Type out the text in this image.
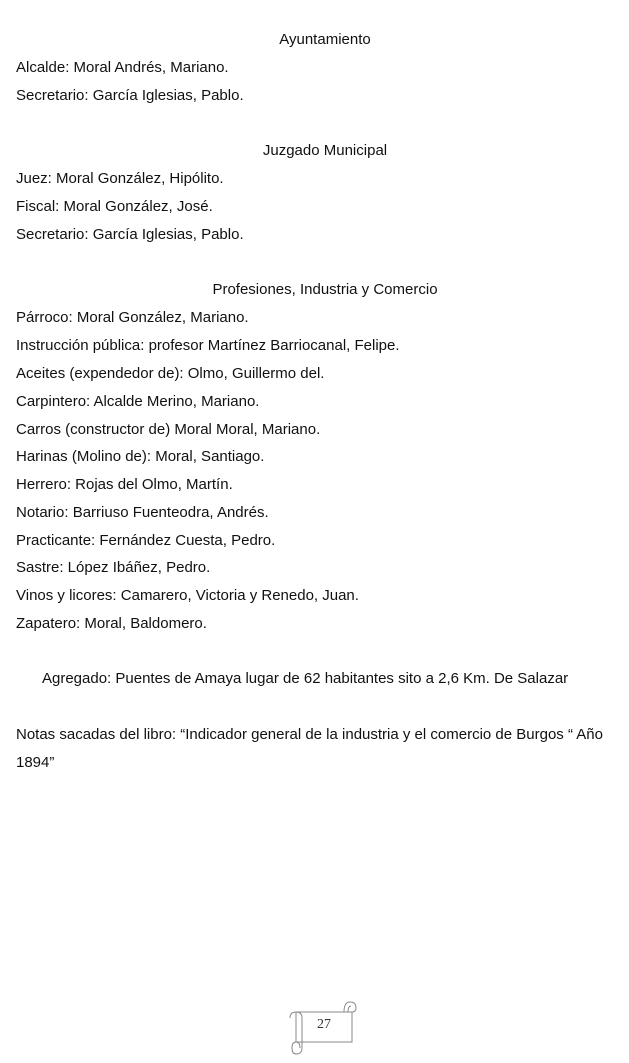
Ayuntamiento

Alcalde: Moral Andrés, Mariano.

Secretario: García Iglesias, Pablo.

Juzgado Municipal

Juez: Moral González, Hipólito.

Fiscal: Moral González, José.

Secretario: García Iglesias, Pablo.

Profesiones, Industria y Comercio

Párroco: Moral González, Mariano.

Instrucción pública: profesor Martínez Barriocanal, Felipe.

Aceites (expendedor de): Olmo, Guillermo del.

Carpintero: Alcalde Merino, Mariano.

Carros (constructor de) Moral Moral, Mariano.

Harinas (Molino de): Moral, Santiago.

Herrero: Rojas del Olmo, Martín.

Notario: Barriuso Fuenteodra, Andrés.

Practicante: Fernández Cuesta, Pedro.

Sastre: López Ibáñez, Pedro.

Vinos y licores: Camarero, Victoria y Renedo, Juan.

Zapatero: Moral, Baldomero.

Agregado: Puentes de Amaya lugar de 62 habitantes sito a 2,6 Km. De Salazar

Notas sacadas del libro: “Indicador general de la industria y el comercio de Burgos “ Año 1894”

27
